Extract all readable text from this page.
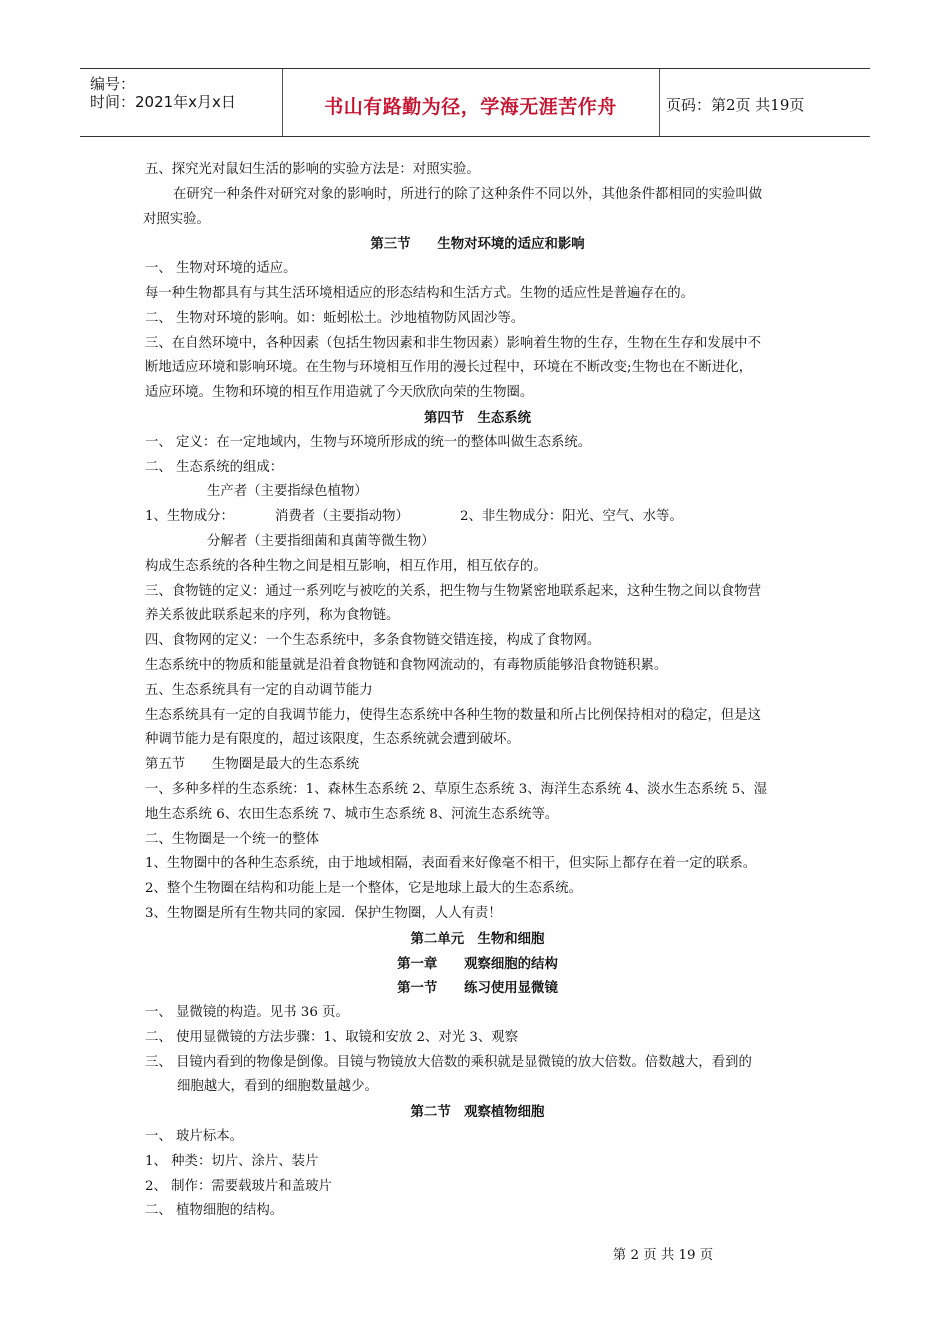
编号：
时间：2021年x月x日	书山有路勤为径，学海无涯苦作舟	页码：第2页 共19页
五、探究光对鼠妇生活的影响的实验方法是：对照实验。
在研究一种条件对研究对象的影响时，所进行的除了这种条件不同以外，其他条件都相同的实验叫做
对照实验。
第三节　　生物对环境的适应和影响
一、 生物对环境的适应。
每一种生物都具有与其生活环境相适应的形态结构和生活方式。生物的适应性是普遍存在的。
二、 生物对环境的影响。如：蚯蚓松土。沙地植物防风固沙等。
三、在自然环境中，各种因素（包括生物因素和非生物因素）影响着生物的生存，生物在生存和发展中不
断地适应环境和影响环境。在生物与环境相互作用的漫长过程中，环境在不断改变;生物也在不断进化，
适应环境。生物和环境的相互作用造就了今天欣欣向荣的生物圈。
第四节　生态系统
一、 定义：在一定地域内，生物与环境所形成的统一的整体叫做生态系统。
二、 生态系统的组成：
生产者（主要指绿色植物）
1、生物成分：	消费者（主要指动物）	2、非生物成分：阳光、空气、水等。
分解者（主要指细菌和真菌等微生物）
构成生态系统的各种生物之间是相互影响，相互作用，相互依存的。
三、食物链的定义：通过一系列吃与被吃的关系，把生物与生物紧密地联系起来，这种生物之间以食物营
养关系彼此联系起来的序列，称为食物链。
四、食物网的定义：一个生态系统中，多条食物链交错连接，构成了食物网。
生态系统中的物质和能量就是沿着食物链和食物网流动的，有毒物质能够沿食物链积累。
五、生态系统具有一定的自动调节能力
生态系统具有一定的自我调节能力，使得生态系统中各种生物的数量和所占比例保持相对的稳定，但是这
种调节能力是有限度的，超过该限度，生态系统就会遭到破坏。
第五节　　生物圈是最大的生态系统
一、多种多样的生态系统：1、森林生态系统 2、草原生态系统 3、海洋生态系统 4、淡水生态系统 5、湿
地生态系统 6、农田生态系统 7、城市生态系统 8、河流生态系统等。
二、生物圈是一个统一的整体
1、生物圈中的各种生态系统，由于地域相隔，表面看来好像毫不相干，但实际上都存在着一定的联系。
2、整个生物圈在结构和功能上是一个整体，它是地球上最大的生态系统。
3、生物圈是所有生物共同的家园．保护生物圈，人人有责！
第二单元　生物和细胞
第一章　　观察细胞的结构
第一节　　练习使用显微镜
一、 显微镜的构造。见书 36 页。
二、 使用显微镜的方法步骤：1、取镜和安放 2、对光 3、观察
三、 目镜内看到的物像是倒像。目镜与物镜放大倍数的乘积就是显微镜的放大倍数。倍数越大，看到的
细胞越大，看到的细胞数量越少。
第二节　观察植物细胞
一、 玻片标本。
1、 种类：切片、涂片、装片
2、 制作：需要载玻片和盖玻片
二、 植物细胞的结构。
第 2 页 共 19 页
